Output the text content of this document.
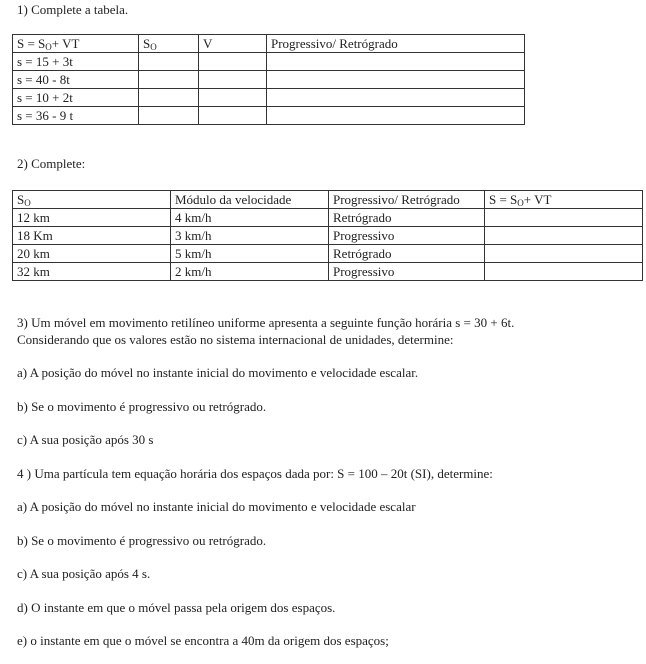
1) Complete a tabela.
$S = S_O+$ VT	$S_O$	V	Progressivo/ Retrógrado
s = 15 + 3t			
s = 40 - 8t			
s = 10 + 2t			
s = 36 - 9 t			
2) Complete:
$S_O$	Módulo da velocidade	Progressivo/ Retrógrado	$S = S_O+$ VT
12 km	4 km/h	Retrógrado	
18 Km	3 km/h	Progressivo	
20 km	5 km/h	Retrógrado	
32 km	2 km/h	Progressivo	
3) Um móvel em movimento retilíneo uniforme apresenta a seguinte função horária s = 30 + 6t.
Considerando que os valores estão no sistema internacional de unidades, determine:
a) A posição do móvel no instante inicial do movimento e velocidade escalar.
b) Se o movimento é progressivo ou retrógrado.
c) A sua posição após 30 s
4 ) Uma partícula tem equação horária dos espaços dada por: S = 100 – 20t (SI), determine:
a) A posição do móvel no instante inicial do movimento e velocidade escalar
b) Se o movimento é progressivo ou retrógrado.
c) A sua posição após 4 s.
d) O instante em que o móvel passa pela origem dos espaços.
e) o instante em que o móvel se encontra a 40m da origem dos espaços;
